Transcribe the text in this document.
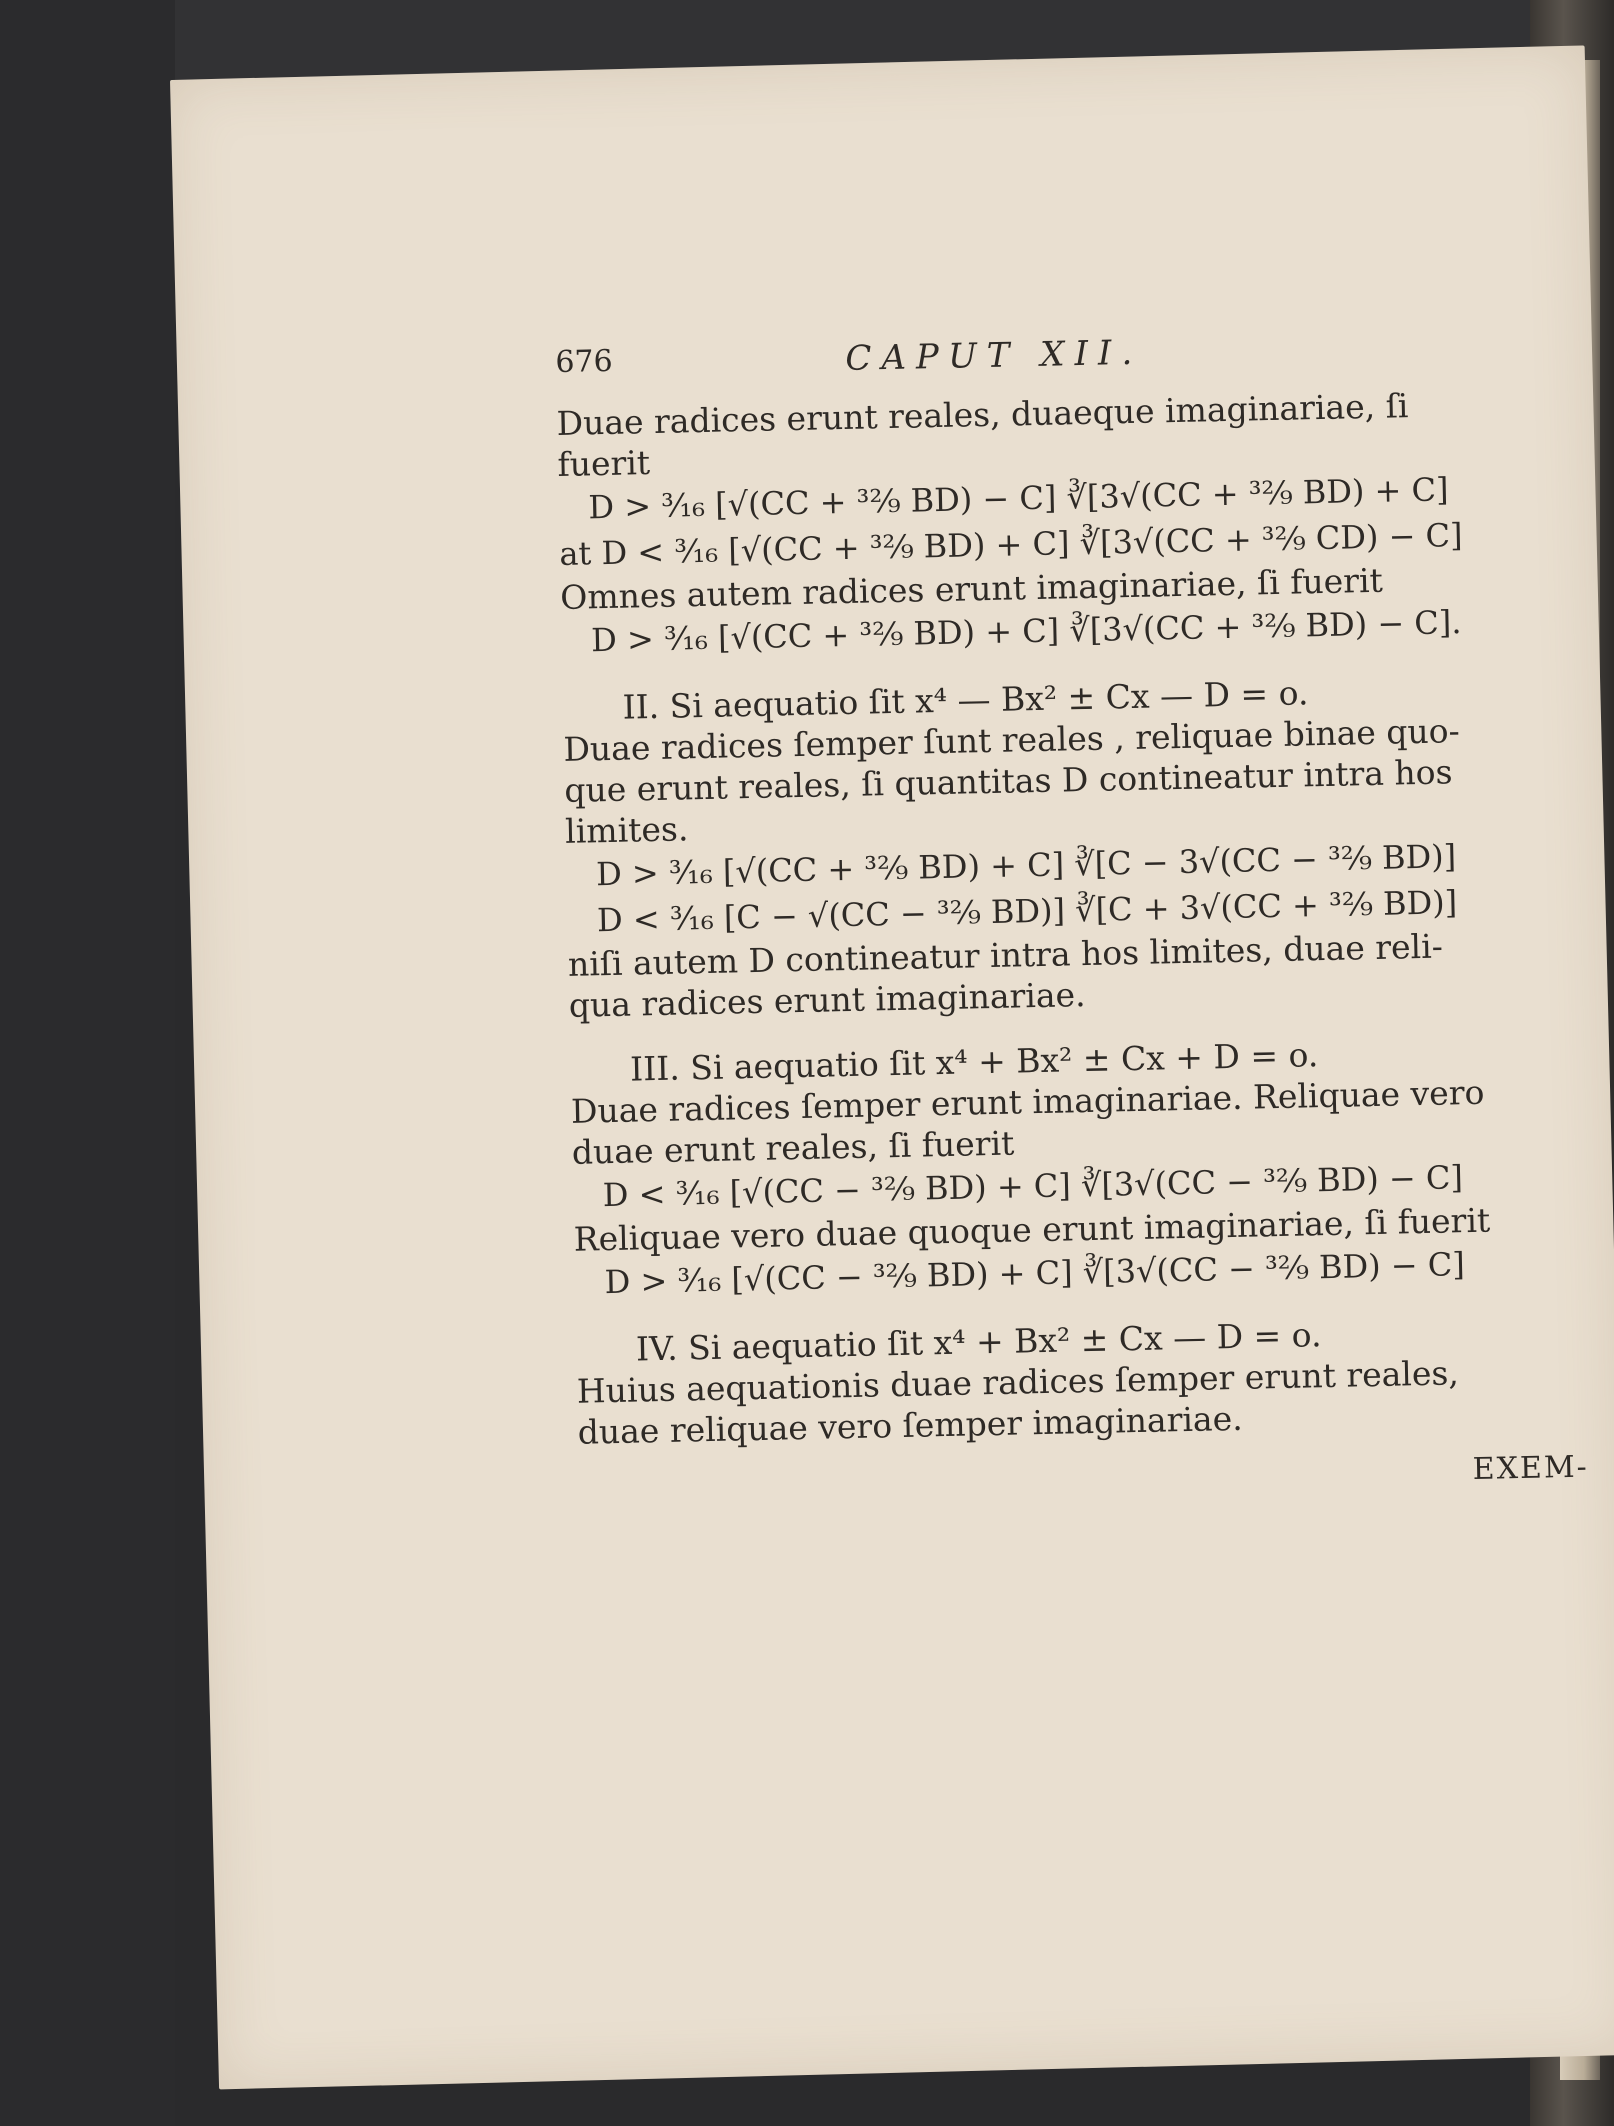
676	CAPUT XII.
Duae radices erunt reales, duaeque imaginariae, ſi
fuerit
D > ³⁄₁₆ [√(CC + ³²⁄₉ BD) − C] ∛[3√(CC + ³²⁄₉ BD) + C]
at D < ³⁄₁₆ [√(CC + ³²⁄₉ BD) + C] ∛[3√(CC + ³²⁄₉ CD) − C]
Omnes autem radices erunt imaginariae, ſi fuerit
D > ³⁄₁₆ [√(CC + ³²⁄₉ BD) + C] ∛[3√(CC + ³²⁄₉ BD) − C].
II. Si aequatio ſit x⁴ — Bx² ± Cx — D = o.
Duae radices ſemper ſunt reales , reliquae binae quo-
que erunt reales, ſi quantitas D contineatur intra hos
limites.
D > ³⁄₁₆ [√(CC + ³²⁄₉ BD) + C] ∛[C − 3√(CC − ³²⁄₉ BD)]
D < ³⁄₁₆ [C − √(CC − ³²⁄₉ BD)] ∛[C + 3√(CC + ³²⁄₉ BD)]
niſi autem D contineatur intra hos limites, duae reli-
qua radices erunt imaginariae.
III. Si aequatio ſit x⁴ + Bx² ± Cx + D = o.
Duae radices ſemper erunt imaginariae. Reliquae vero
duae erunt reales, ſi fuerit
D < ³⁄₁₆ [√(CC − ³²⁄₉ BD) + C] ∛[3√(CC − ³²⁄₉ BD) − C]
Reliquae vero duae quoque erunt imaginariae, ſi fuerit
D > ³⁄₁₆ [√(CC − ³²⁄₉ BD) + C] ∛[3√(CC − ³²⁄₉ BD) − C]
IV. Si aequatio ſit x⁴ + Bx² ± Cx — D = o.
Huius aequationis duae radices ſemper erunt reales,
duae reliquae vero ſemper imaginariae.
EXEM-
